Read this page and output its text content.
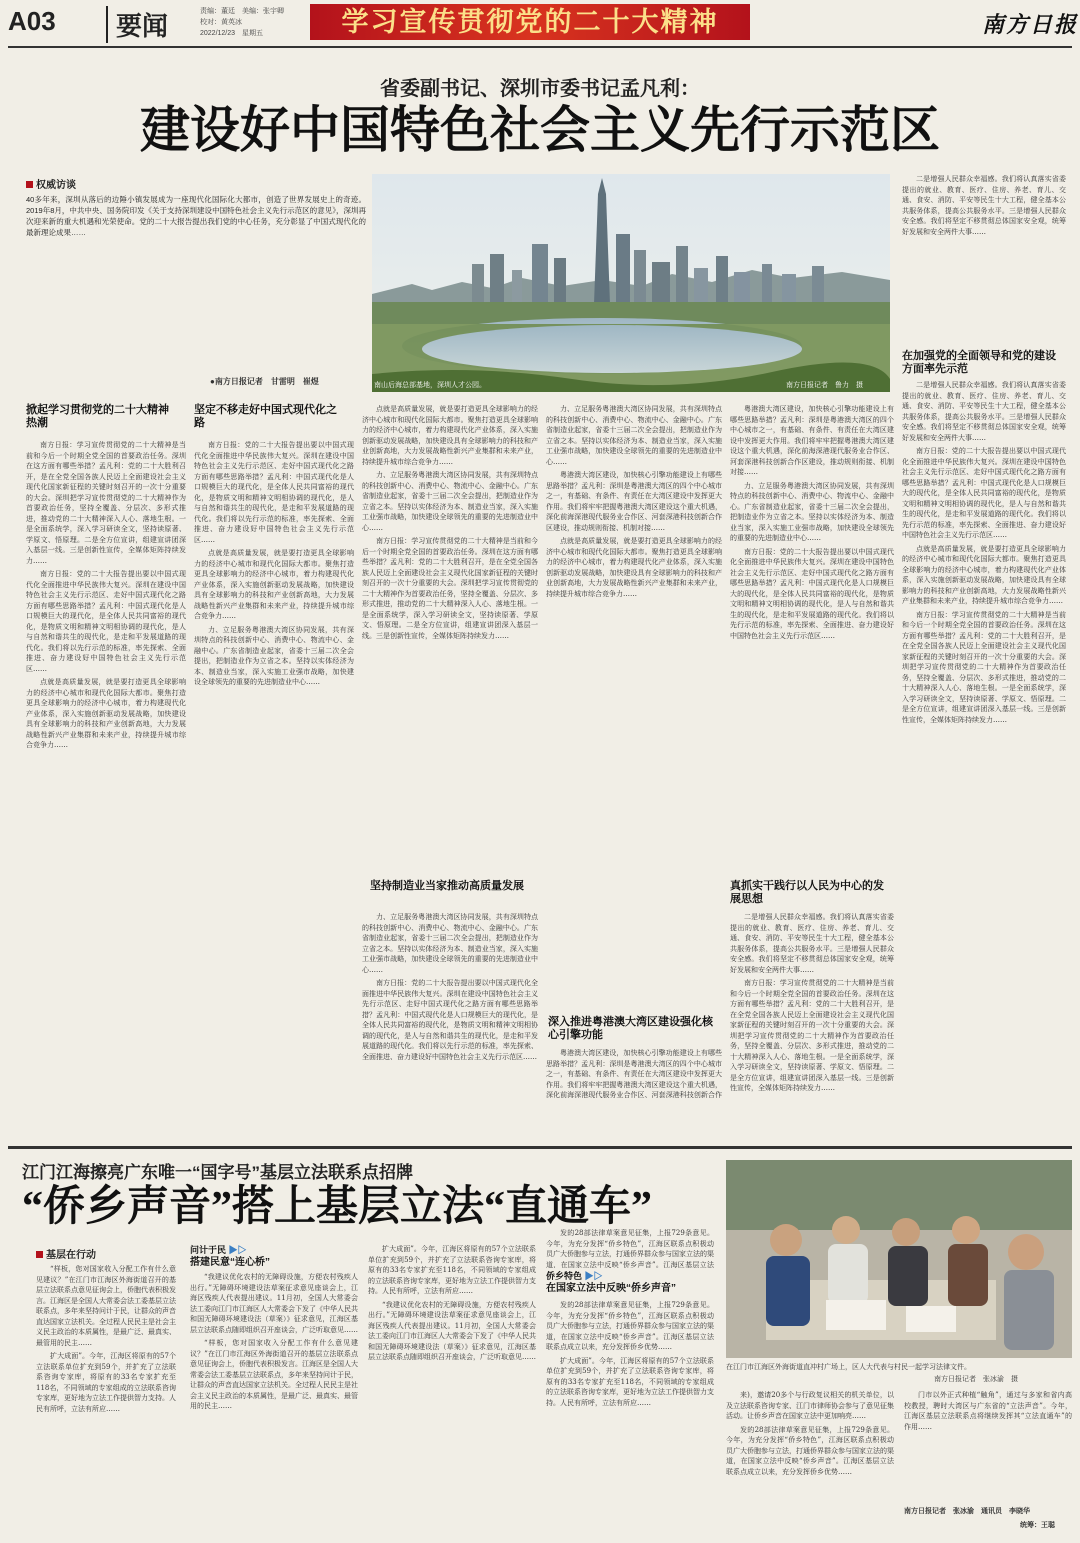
A03	要闻	责编：董廷　美编：张宇卿
校对：黄英冰
2022/12/23　星期五	学习宣传贯彻党的二十大精神	南方日报
省委副书记、深圳市委书记孟凡利：
建设好中国特色社会主义先行示范区
权威访谈
40多年来，深圳从落后的边陲小镇发展成为一座现代化国际化大都市，创造了世界发展史上的奇迹。2019年8月，中共中央、国务院印发《关于支持深圳建设中国特色社会主义先行示范区的意见》，深圳再次迎来新的重大机遇和光荣使命。党的二十大报告提出我们党的中心任务，充分彰显了中国式现代化的最新理论成果……
●南方日报记者　甘雷明　崔煜	南山后海总部基地，深圳人才公园。	南方日报记者　鲁力　摄

二是增强人民群众幸福感。我们将认真落实省委提出的就业、教育、医疗、住房、养老、育儿、交通、食安、消防、平安等民生十大工程，健全基本公共服务体系，提高公共服务水平。三是增强人民群众安全感。我们将坚定不移贯彻总体国家安全观，统筹好发展和安全两件大事……

在加强党的全面领导和党的建设方面率先示范

二是增强人民群众幸福感。我们将认真落实省委提出的就业、教育、医疗、住房、养老、育儿、交通、食安、消防、平安等民生十大工程，健全基本公共服务体系，提高公共服务水平。三是增强人民群众安全感。我们将坚定不移贯彻总体国家安全观，统筹好发展和安全两件大事……

南方日报：党的二十大报告提出要以中国式现代化全面推进中华民族伟大复兴。深圳在建设中国特色社会主义先行示范区、走好中国式现代化之路方面有哪些思路举措？孟凡利：中国式现代化是人口规模巨大的现代化，是全体人民共同富裕的现代化，是物质文明和精神文明相协调的现代化，是人与自然和谐共生的现代化，是走和平发展道路的现代化。我们将以先行示范的标准，率先探索、全面推进、奋力建设好中国特色社会主义先行示范区……

点就是高质量发展，就是要打造更具全球影响力的经济中心城市和现代化国际大都市。聚焦打造更具全球影响力的经济中心城市，着力构建现代化产业体系，深入实施创新驱动发展战略，加快建设具有全球影响力的科技和产业创新高地，大力发展战略性新兴产业集群和未来产业，持续提升城市综合竞争力……

南方日报：学习宣传贯彻党的二十大精神是当前和今后一个时期全党全国的首要政治任务。深圳在这方面有哪些举措？孟凡利：党的二十大胜利召开，是在全党全国各族人民迈上全面建设社会主义现代化国家新征程的关键时刻召开的一次十分重要的大会。深圳把学习宣传贯彻党的二十大精神作为首要政治任务，坚持全覆盖、分层次、多形式推进，推动党的二十大精神深入人心、落地生根。一是全面系统学，深入学习研读全文，坚持读原著、学原文、悟原理。二是全方位宣讲，组建宣讲团深入基层一线。三是创新性宣传，全媒体矩阵持续发力……

掀起学习贯彻党的二十大精神热潮

南方日报：学习宣传贯彻党的二十大精神是当前和今后一个时期全党全国的首要政治任务。深圳在这方面有哪些举措？孟凡利：党的二十大胜利召开，是在全党全国各族人民迈上全面建设社会主义现代化国家新征程的关键时刻召开的一次十分重要的大会。深圳把学习宣传贯彻党的二十大精神作为首要政治任务，坚持全覆盖、分层次、多形式推进，推动党的二十大精神深入人心、落地生根。一是全面系统学，深入学习研读全文，坚持读原著、学原文、悟原理。二是全方位宣讲，组建宣讲团深入基层一线。三是创新性宣传，全媒体矩阵持续发力……

南方日报：党的二十大报告提出要以中国式现代化全面推进中华民族伟大复兴。深圳在建设中国特色社会主义先行示范区、走好中国式现代化之路方面有哪些思路举措？孟凡利：中国式现代化是人口规模巨大的现代化，是全体人民共同富裕的现代化，是物质文明和精神文明相协调的现代化，是人与自然和谐共生的现代化，是走和平发展道路的现代化。我们将以先行示范的标准，率先探索、全面推进、奋力建设好中国特色社会主义先行示范区……

点就是高质量发展，就是要打造更具全球影响力的经济中心城市和现代化国际大都市。聚焦打造更具全球影响力的经济中心城市，着力构建现代化产业体系，深入实施创新驱动发展战略，加快建设具有全球影响力的科技和产业创新高地，大力发展战略性新兴产业集群和未来产业，持续提升城市综合竞争力……

坚定不移走好中国式现代化之路

南方日报：党的二十大报告提出要以中国式现代化全面推进中华民族伟大复兴。深圳在建设中国特色社会主义先行示范区、走好中国式现代化之路方面有哪些思路举措？孟凡利：中国式现代化是人口规模巨大的现代化，是全体人民共同富裕的现代化，是物质文明和精神文明相协调的现代化，是人与自然和谐共生的现代化，是走和平发展道路的现代化。我们将以先行示范的标准，率先探索、全面推进、奋力建设好中国特色社会主义先行示范区……

点就是高质量发展，就是要打造更具全球影响力的经济中心城市和现代化国际大都市。聚焦打造更具全球影响力的经济中心城市，着力构建现代化产业体系，深入实施创新驱动发展战略，加快建设具有全球影响力的科技和产业创新高地，大力发展战略性新兴产业集群和未来产业，持续提升城市综合竞争力……

力、立足服务粤港澳大湾区协同发展，共有深圳特点的科技创新中心、消费中心、物流中心、金融中心。广东省制造业起家，省委十三届二次全会提出，把制造业作为立省之本。坚持以实体经济为本、制造业当家，深入实施工业强市战略，加快建设全球领先的重要的先进制造业中心……

点就是高质量发展，就是要打造更具全球影响力的经济中心城市和现代化国际大都市。聚焦打造更具全球影响力的经济中心城市，着力构建现代化产业体系，深入实施创新驱动发展战略，加快建设具有全球影响力的科技和产业创新高地，大力发展战略性新兴产业集群和未来产业，持续提升城市综合竞争力……

力、立足服务粤港澳大湾区协同发展，共有深圳特点的科技创新中心、消费中心、物流中心、金融中心。广东省制造业起家，省委十三届二次全会提出，把制造业作为立省之本。坚持以实体经济为本、制造业当家，深入实施工业强市战略，加快建设全球领先的重要的先进制造业中心……

南方日报：学习宣传贯彻党的二十大精神是当前和今后一个时期全党全国的首要政治任务。深圳在这方面有哪些举措？孟凡利：党的二十大胜利召开，是在全党全国各族人民迈上全面建设社会主义现代化国家新征程的关键时刻召开的一次十分重要的大会。深圳把学习宣传贯彻党的二十大精神作为首要政治任务，坚持全覆盖、分层次、多形式推进，推动党的二十大精神深入人心、落地生根。一是全面系统学，深入学习研读全文，坚持读原著、学原文、悟原理。二是全方位宣讲，组建宣讲团深入基层一线。三是创新性宣传，全媒体矩阵持续发力……

坚持制造业当家推动高质量发展

力、立足服务粤港澳大湾区协同发展，共有深圳特点的科技创新中心、消费中心、物流中心、金融中心。广东省制造业起家，省委十三届二次全会提出，把制造业作为立省之本。坚持以实体经济为本、制造业当家，深入实施工业强市战略，加快建设全球领先的重要的先进制造业中心……

南方日报：党的二十大报告提出要以中国式现代化全面推进中华民族伟大复兴。深圳在建设中国特色社会主义先行示范区、走好中国式现代化之路方面有哪些思路举措？孟凡利：中国式现代化是人口规模巨大的现代化，是全体人民共同富裕的现代化，是物质文明和精神文明相协调的现代化，是人与自然和谐共生的现代化，是走和平发展道路的现代化。我们将以先行示范的标准，率先探索、全面推进、奋力建设好中国特色社会主义先行示范区……

力、立足服务粤港澳大湾区协同发展，共有深圳特点的科技创新中心、消费中心、物流中心、金融中心。广东省制造业起家，省委十三届二次全会提出，把制造业作为立省之本。坚持以实体经济为本、制造业当家，深入实施工业强市战略，加快建设全球领先的重要的先进制造业中心……

粤港澳大湾区建设，加快核心引擎功能建设上有哪些思路举措？孟凡利：深圳是粤港澳大湾区的四个中心城市之一，有基础、有条件、有责任在大湾区建设中发挥更大作用。我们将牢牢把握粤港澳大湾区建设这个重大机遇，深化前海深港现代服务业合作区、河套深港科技创新合作区建设，推动规则衔接、机制对接……

点就是高质量发展，就是要打造更具全球影响力的经济中心城市和现代化国际大都市。聚焦打造更具全球影响力的经济中心城市，着力构建现代化产业体系，深入实施创新驱动发展战略，加快建设具有全球影响力的科技和产业创新高地，大力发展战略性新兴产业集群和未来产业，持续提升城市综合竞争力……

深入推进粤港澳大湾区建设强化核心引擎功能

粤港澳大湾区建设，加快核心引擎功能建设上有哪些思路举措？孟凡利：深圳是粤港澳大湾区的四个中心城市之一，有基础、有条件、有责任在大湾区建设中发挥更大作用。我们将牢牢把握粤港澳大湾区建设这个重大机遇，深化前海深港现代服务业合作区、河套深港科技创新合作

粤港澳大湾区建设，加快核心引擎功能建设上有哪些思路举措？孟凡利：深圳是粤港澳大湾区的四个中心城市之一，有基础、有条件、有责任在大湾区建设中发挥更大作用。我们将牢牢把握粤港澳大湾区建设这个重大机遇，深化前海深港现代服务业合作区、河套深港科技创新合作区建设，推动规则衔接、机制对接……

力、立足服务粤港澳大湾区协同发展，共有深圳特点的科技创新中心、消费中心、物流中心、金融中心。广东省制造业起家，省委十三届二次全会提出，把制造业作为立省之本。坚持以实体经济为本、制造业当家，深入实施工业强市战略，加快建设全球领先的重要的先进制造业中心……

南方日报：党的二十大报告提出要以中国式现代化全面推进中华民族伟大复兴。深圳在建设中国特色社会主义先行示范区、走好中国式现代化之路方面有哪些思路举措？孟凡利：中国式现代化是人口规模巨大的现代化，是全体人民共同富裕的现代化，是物质文明和精神文明相协调的现代化，是人与自然和谐共生的现代化，是走和平发展道路的现代化。我们将以先行示范的标准，率先探索、全面推进、奋力建设好中国特色社会主义先行示范区……

真抓实干践行以人民为中心的发展思想

二是增强人民群众幸福感。我们将认真落实省委提出的就业、教育、医疗、住房、养老、育儿、交通、食安、消防、平安等民生十大工程，健全基本公共服务体系，提高公共服务水平。三是增强人民群众安全感。我们将坚定不移贯彻总体国家安全观，统筹好发展和安全两件大事……

南方日报：学习宣传贯彻党的二十大精神是当前和今后一个时期全党全国的首要政治任务。深圳在这方面有哪些举措？孟凡利：党的二十大胜利召开，是在全党全国各族人民迈上全面建设社会主义现代化国家新征程的关键时刻召开的一次十分重要的大会。深圳把学习宣传贯彻党的二十大精神作为首要政治任务，坚持全覆盖、分层次、多形式推进，推动党的二十大精神深入人心、落地生根。一是全面系统学，深入学习研读全文，坚持读原著、学原文、悟原理。二是全方位宣讲，组建宣讲团深入基层一线。三是创新性宣传，全媒体矩阵持续发力……

江门江海擦亮广东唯一“国字号”基层立法联系点招牌
“侨乡声音”搭上基层立法“直通车”
基层在行动

“样板，您对国家收入分配工作有什么意见建议？”在江门市江海区外海街道召开的基层立法联系点意见征询会上，侨胞代表积极发言。江海区是全国人大常委会法工委基层立法联系点，多年来坚持问计于民，让群众的声音直达国家立法机关。全过程人民民主是社会主义民主政治的本质属性，是最广泛、最真实、最管用的民主……

扩大成面”。今年，江海区将原有的57个立法联系单位扩充到59个，并扩充了立法联系咨询专家库，将原有的33名专家扩充至118名，不同领域的专家组成的立法联系咨询专家库，更好地为立法工作提供智力支持。人民有所呼，立法有所应……

问计于民 ▶▷
搭建民意“连心桥”

“我建议优化农村的无障碍设施，方便农村残疾人出行。”无障碍环境建设法草案征求意见座谈会上，江海区残疾人代表提出建议。11月初，全国人大常委会法工委向江门市江海区人大常委会下发了《中华人民共和国无障碍环境建设法（草案）》征求意见，江海区基层立法联系点随即组织召开座谈会，广泛听取意见……

“样板，您对国家收入分配工作有什么意见建议？”在江门市江海区外海街道召开的基层立法联系点意见征询会上，侨胞代表积极发言。江海区是全国人大常委会法工委基层立法联系点，多年来坚持问计于民，让群众的声音直达国家立法机关。全过程人民民主是社会主义民主政治的本质属性，是最广泛、最真实、最管用的民主……

扩大成面”。今年，江海区将原有的57个立法联系单位扩充到59个，并扩充了立法联系咨询专家库，将原有的33名专家扩充至118名，不同领域的专家组成的立法联系咨询专家库，更好地为立法工作提供智力支持。人民有所呼，立法有所应……

“我建议优化农村的无障碍设施，方便农村残疾人出行。”无障碍环境建设法草案征求意见座谈会上，江海区残疾人代表提出建议。11月初，全国人大常委会法工委向江门市江海区人大常委会下发了《中华人民共和国无障碍环境建设法（草案）》征求意见，江海区基层立法联系点随即组织召开座谈会，广泛听取意见……

发的28部法律草案意见征集，上报729条意见。今年，为充分发挥“侨乡特色”，江海区联系点积极动员广大侨胞参与立法，打通侨界群众参与国家立法的渠道，在国家立法中反映“侨乡声音”。江海区基层立法

侨乡特色 ▶▷
在国家立法中反映“侨乡声音”

发的28部法律草案意见征集，上报729条意见。今年，为充分发挥“侨乡特色”，江海区联系点积极动员广大侨胞参与立法，打通侨界群众参与国家立法的渠道，在国家立法中反映“侨乡声音”。江海区基层立法联系点成立以来，充分发挥侨乡优势……

扩大成面”。今年，江海区将原有的57个立法联系单位扩充到59个，并扩充了立法联系咨询专家库，将原有的33名专家扩充至118名，不同领域的专家组成的立法联系咨询专家库，更好地为立法工作提供智力支持。人民有所呼，立法有所应……

在江门市江海区外海街道直冲村广场上，区人大代表与村民一起学习法律文件。
南方日报记者　张冰渝　摄

来)，邀请20多个与行政复议相关的机关单位，以及立法联系咨询专家、江门市律师协会参与了意见征集活动。让侨乡声音在国家立法中更加响亮……

发的28部法律草案意见征集，上报729条意见。今年，为充分发挥“侨乡特色”，江海区联系点积极动员广大侨胞参与立法，打通侨界群众参与国家立法的渠道，在国家立法中反映“侨乡声音”。江海区基层立法联系点成立以来，充分发挥侨乡优势……

门市以外正式种植“触角”，通过与多家和省内高校教授，聘时大湾区与广东省的“立法声音”。今年，江海区基层立法联系点将继续发挥其“立法直通车”的作用……

南方日报记者　张冰渝　通讯员　李晓华
统筹：王聪
